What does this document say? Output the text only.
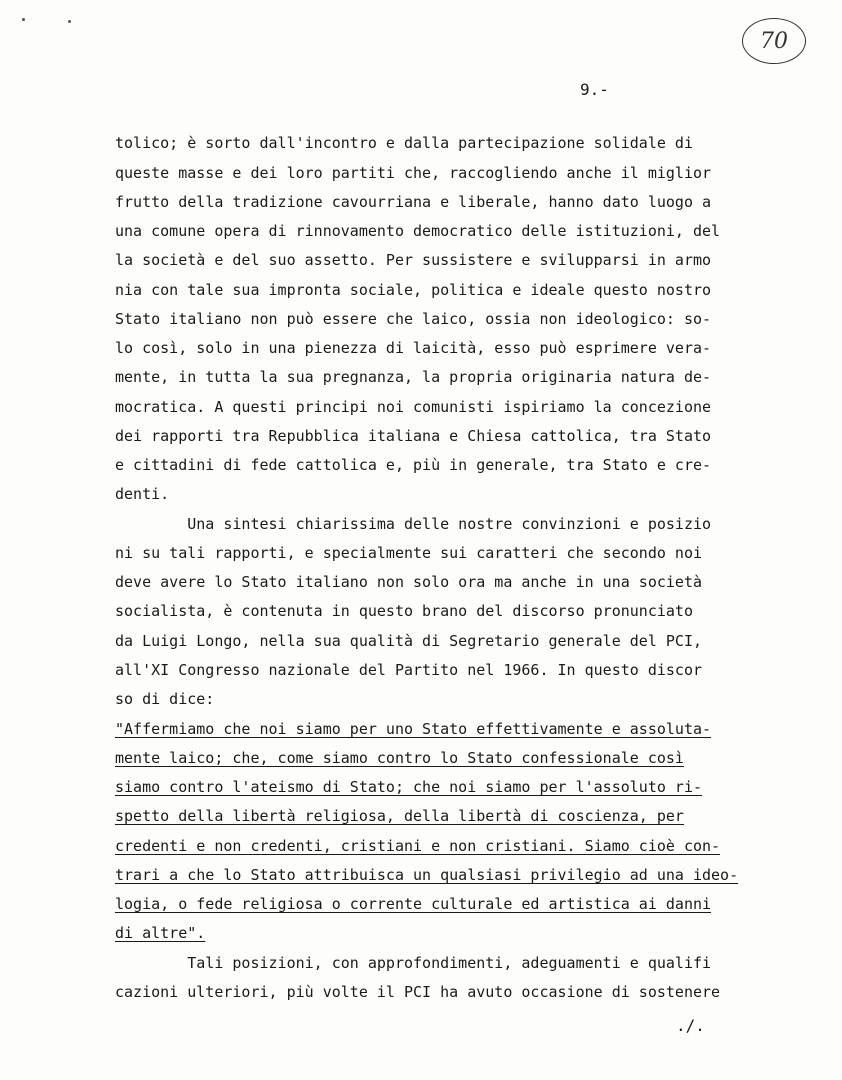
70
9.-
tolico; è sorto dall'incontro e dalla partecipazione solidale di
queste masse e dei loro partiti che, raccogliendo anche il miglior
frutto della tradizione cavourriana e liberale, hanno dato luogo a
una comune opera di rinnovamento democratico delle istituzioni, del
la società e del suo assetto. Per sussistere e svilupparsi in armo
nia con tale sua impronta sociale, politica e ideale questo nostro
Stato italiano non può essere che laico, ossia non ideologico: so-
lo così, solo in una pienezza di laicità, esso può esprimere vera-
mente, in tutta la sua pregnanza, la propria originaria natura de-
mocratica. A questi principi noi comunisti ispiriamo la concezione
dei rapporti tra Repubblica italiana e Chiesa cattolica, tra Stato
e cittadini di fede cattolica e, più in generale, tra Stato e cre-
denti.
Una sintesi chiarissima delle nostre convinzioni e posizio
ni su tali rapporti, e specialmente sui caratteri che secondo noi
deve avere lo Stato italiano non solo ora ma anche in una società
socialista, è contenuta in questo brano del discorso pronunciato
da Luigi Longo, nella sua qualità di Segretario generale del PCI,
all'XI Congresso nazionale del Partito nel 1966. In questo discor
so di dice:
"Affermiamo che noi siamo per uno Stato effettivamente e assoluta-
mente laico; che, come siamo contro lo Stato confessionale così
siamo contro l'ateismo di Stato; che noi siamo per l'assoluto ri-
spetto della libertà religiosa, della libertà di coscienza, per
credenti e non credenti, cristiani e non cristiani. Siamo cioè con-
trari a che lo Stato attribuisca un qualsiasi privilegio ad una ideo-
logia, o fede religiosa o corrente culturale ed artistica ai danni
di altre".
Tali posizioni, con approfondimenti, adeguamenti e qualifi
cazioni ulteriori, più volte il PCI ha avuto occasione di sostenere
./.
